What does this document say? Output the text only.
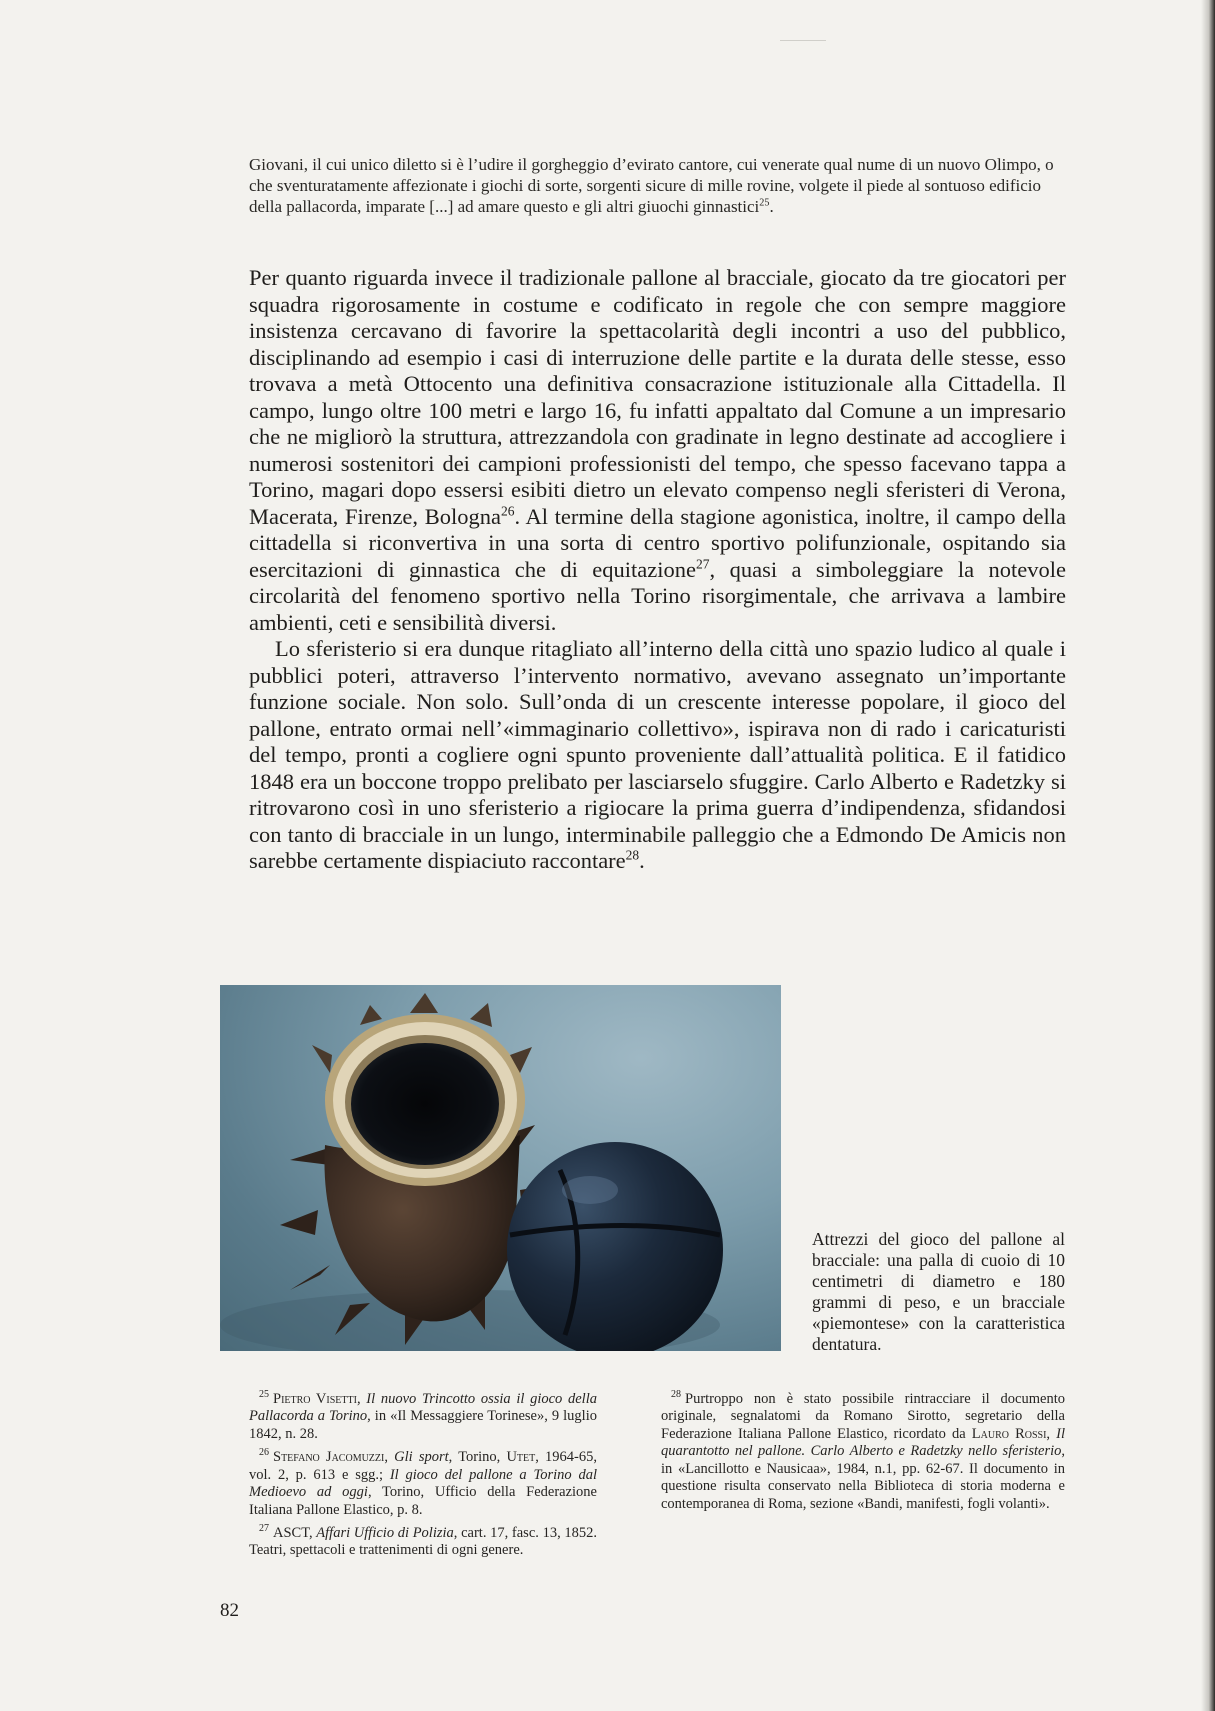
Giovani, il cui unico diletto si è l’udire il gorgheggio d’evirato cantore, cui venerate qual nume di un nuovo Olimpo, o che sventuratamente affezionate i giochi di sorte, sorgenti sicure di mille rovine, volgete il piede al sontuoso edificio della pallacorda, imparate [...] ad amare questo e gli altri giuochi ginnastici$^{25}$.

Per quanto riguarda invece il tradizionale pallone al bracciale, giocato da tre giocatori per squadra rigorosamente in costume e codificato in regole che con sempre maggiore insistenza cercavano di favorire la spettacolarità degli incontri a uso del pubblico, disciplinando ad esempio i casi di interruzione delle partite e la durata delle stesse, esso trovava a metà Ottocento una definitiva consacrazione istituzionale alla Cittadella. Il campo, lungo oltre 100 metri e largo 16, fu infatti appaltato dal Comune a un impresario che ne migliorò la struttura, attrezzandola con gradinate in legno destinate ad accogliere i numerosi sostenitori dei campioni professionisti del tempo, che spesso facevano tappa a Torino, magari dopo essersi esibiti dietro un elevato compenso negli sferisteri di Verona, Macerata, Firenze, Bologna$^{26}$. Al termine della stagione agonistica, inoltre, il campo della cittadella si riconvertiva in una sorta di centro sportivo polifunzionale, ospitando sia esercitazioni di ginnastica che di equitazione$^{27}$, quasi a simboleggiare la notevole circolarità del fenomeno sportivo nella Torino risorgimentale, che arrivava a lambire ambienti, ceti e sensibilità diversi.

Lo sferisterio si era dunque ritagliato all’interno della città uno spazio ludico al quale i pubblici poteri, attraverso l’intervento normativo, avevano assegnato un’importante funzione sociale. Non solo. Sull’onda di un crescente interesse popolare, il gioco del pallone, entrato ormai nell’«immaginario collettivo», ispirava non di rado i caricaturisti del tempo, pronti a cogliere ogni spunto proveniente dall’attualità politica. E il fatidico 1848 era un boccone troppo prelibato per lasciarselo sfuggire. Carlo Alberto e Radetzky si ritrovarono così in uno sferisterio a rigiocare la prima guerra d’indipendenza, sfidandosi con tanto di bracciale in un lungo, interminabile palleggio che a Edmondo De Amicis non sarebbe certamente dispiaciuto raccontare$^{28}$.

Attrezzi del gioco del pallone al bracciale: una palla di cuoio di 10 centimetri di diametro e 180 grammi di peso, e un bracciale «piemontese» con la caratteristica dentatura.

$^{25}$ Pietro Visetti, Il nuovo Trincotto ossia il gioco della Pallacorda a Torino, in «Il Messaggiere Torinese», 9 luglio 1842, n. 28.

$^{26}$ Stefano Jacomuzzi, Gli sport, Torino, Utet, 1964-65, vol. 2, p. 613 e sgg.; Il gioco del pallone a Torino dal Medioevo ad oggi, Torino, Ufficio della Federazione Italiana Pallone Elastico, p. 8.

$^{27}$ ASCT, Affari Ufficio di Polizia, cart. 17, fasc. 13, 1852. Teatri, spettacoli e trattenimenti di ogni genere.

$^{28}$ Purtroppo non è stato possibile rintracciare il documento originale, segnalatomi da Romano Sirotto, segretario della Federazione Italiana Pallone Elastico, ricordato da Lauro Rossi, Il quarantotto nel pallone. Carlo Alberto e Radetzky nello sferisterio, in «Lancillotto e Nausicaa», 1984, n.1, pp. 62-67. Il documento in questione risulta conservato nella Biblioteca di storia moderna e contemporanea di Roma, sezione «Bandi, manifesti, fogli volanti».

82
